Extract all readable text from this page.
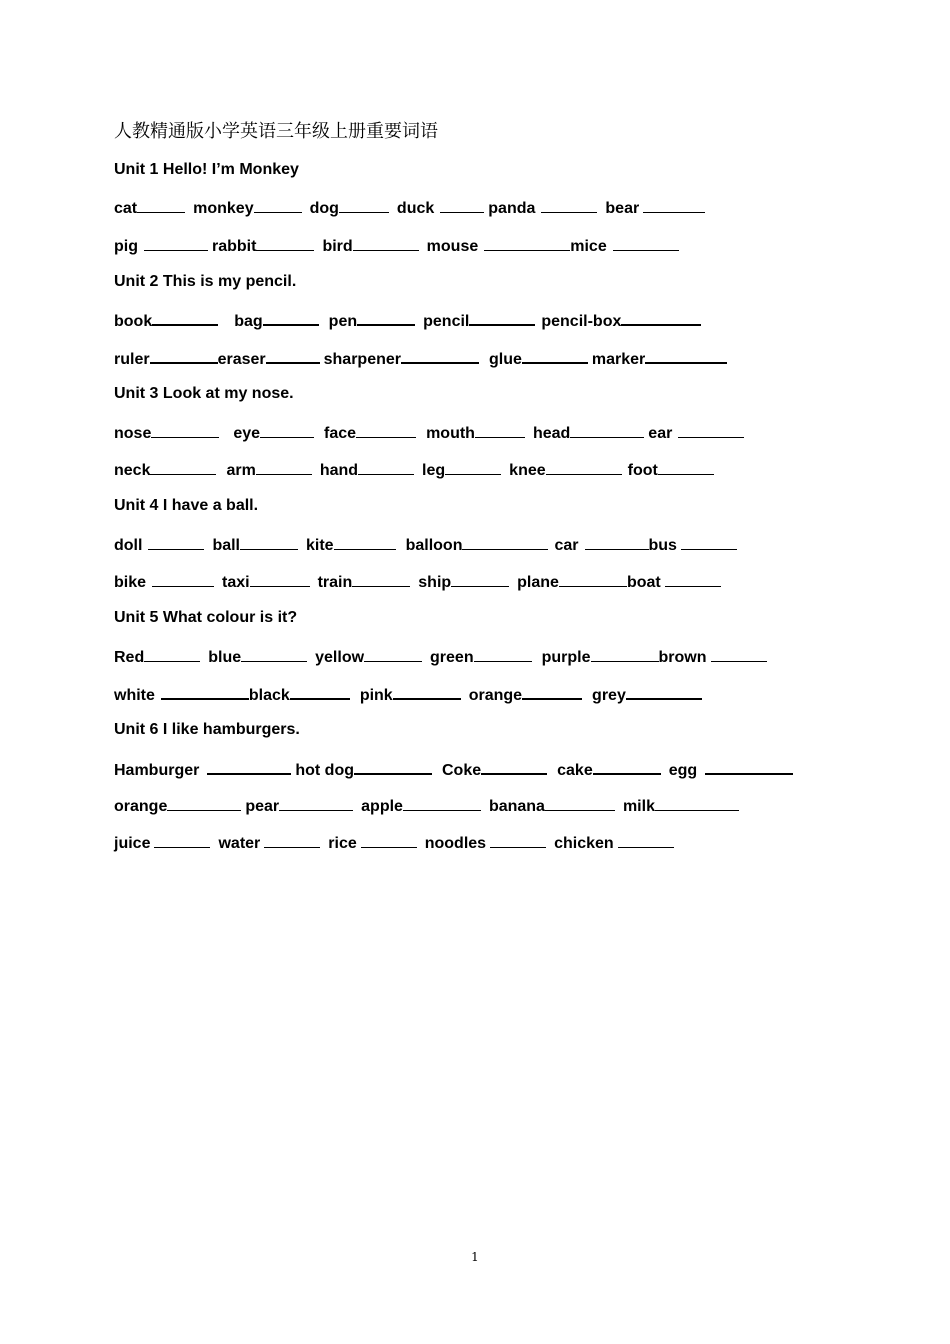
人教精通版小学英语三年级上册重要词语
Unit 1 Hello! I’m Monkey
cat	monkey	dog	duck	panda	bear
pig	rabbit	bird	mouse	mice
Unit 2 This is my pencil.
book	bag	pen	pencil	pencil-box
ruler	eraser	sharpener	glue	marker
Unit 3 Look at my nose.
nose	eye	face	mouth	head	ear
neck	arm	hand	leg	knee	foot
Unit 4 I have a ball.
doll	ball	kite	balloon	car	bus
bike	taxi	train	ship	plane	boat
Unit 5 What colour is it?
Red	blue	yellow	green	purple	brown
white	black	pink	orange	grey
Unit 6 I like hamburgers.
Hamburger	hot dog	Coke	cake	egg
orange	pear	apple	banana	milk
juice	water	rice	noodles	chicken
1
